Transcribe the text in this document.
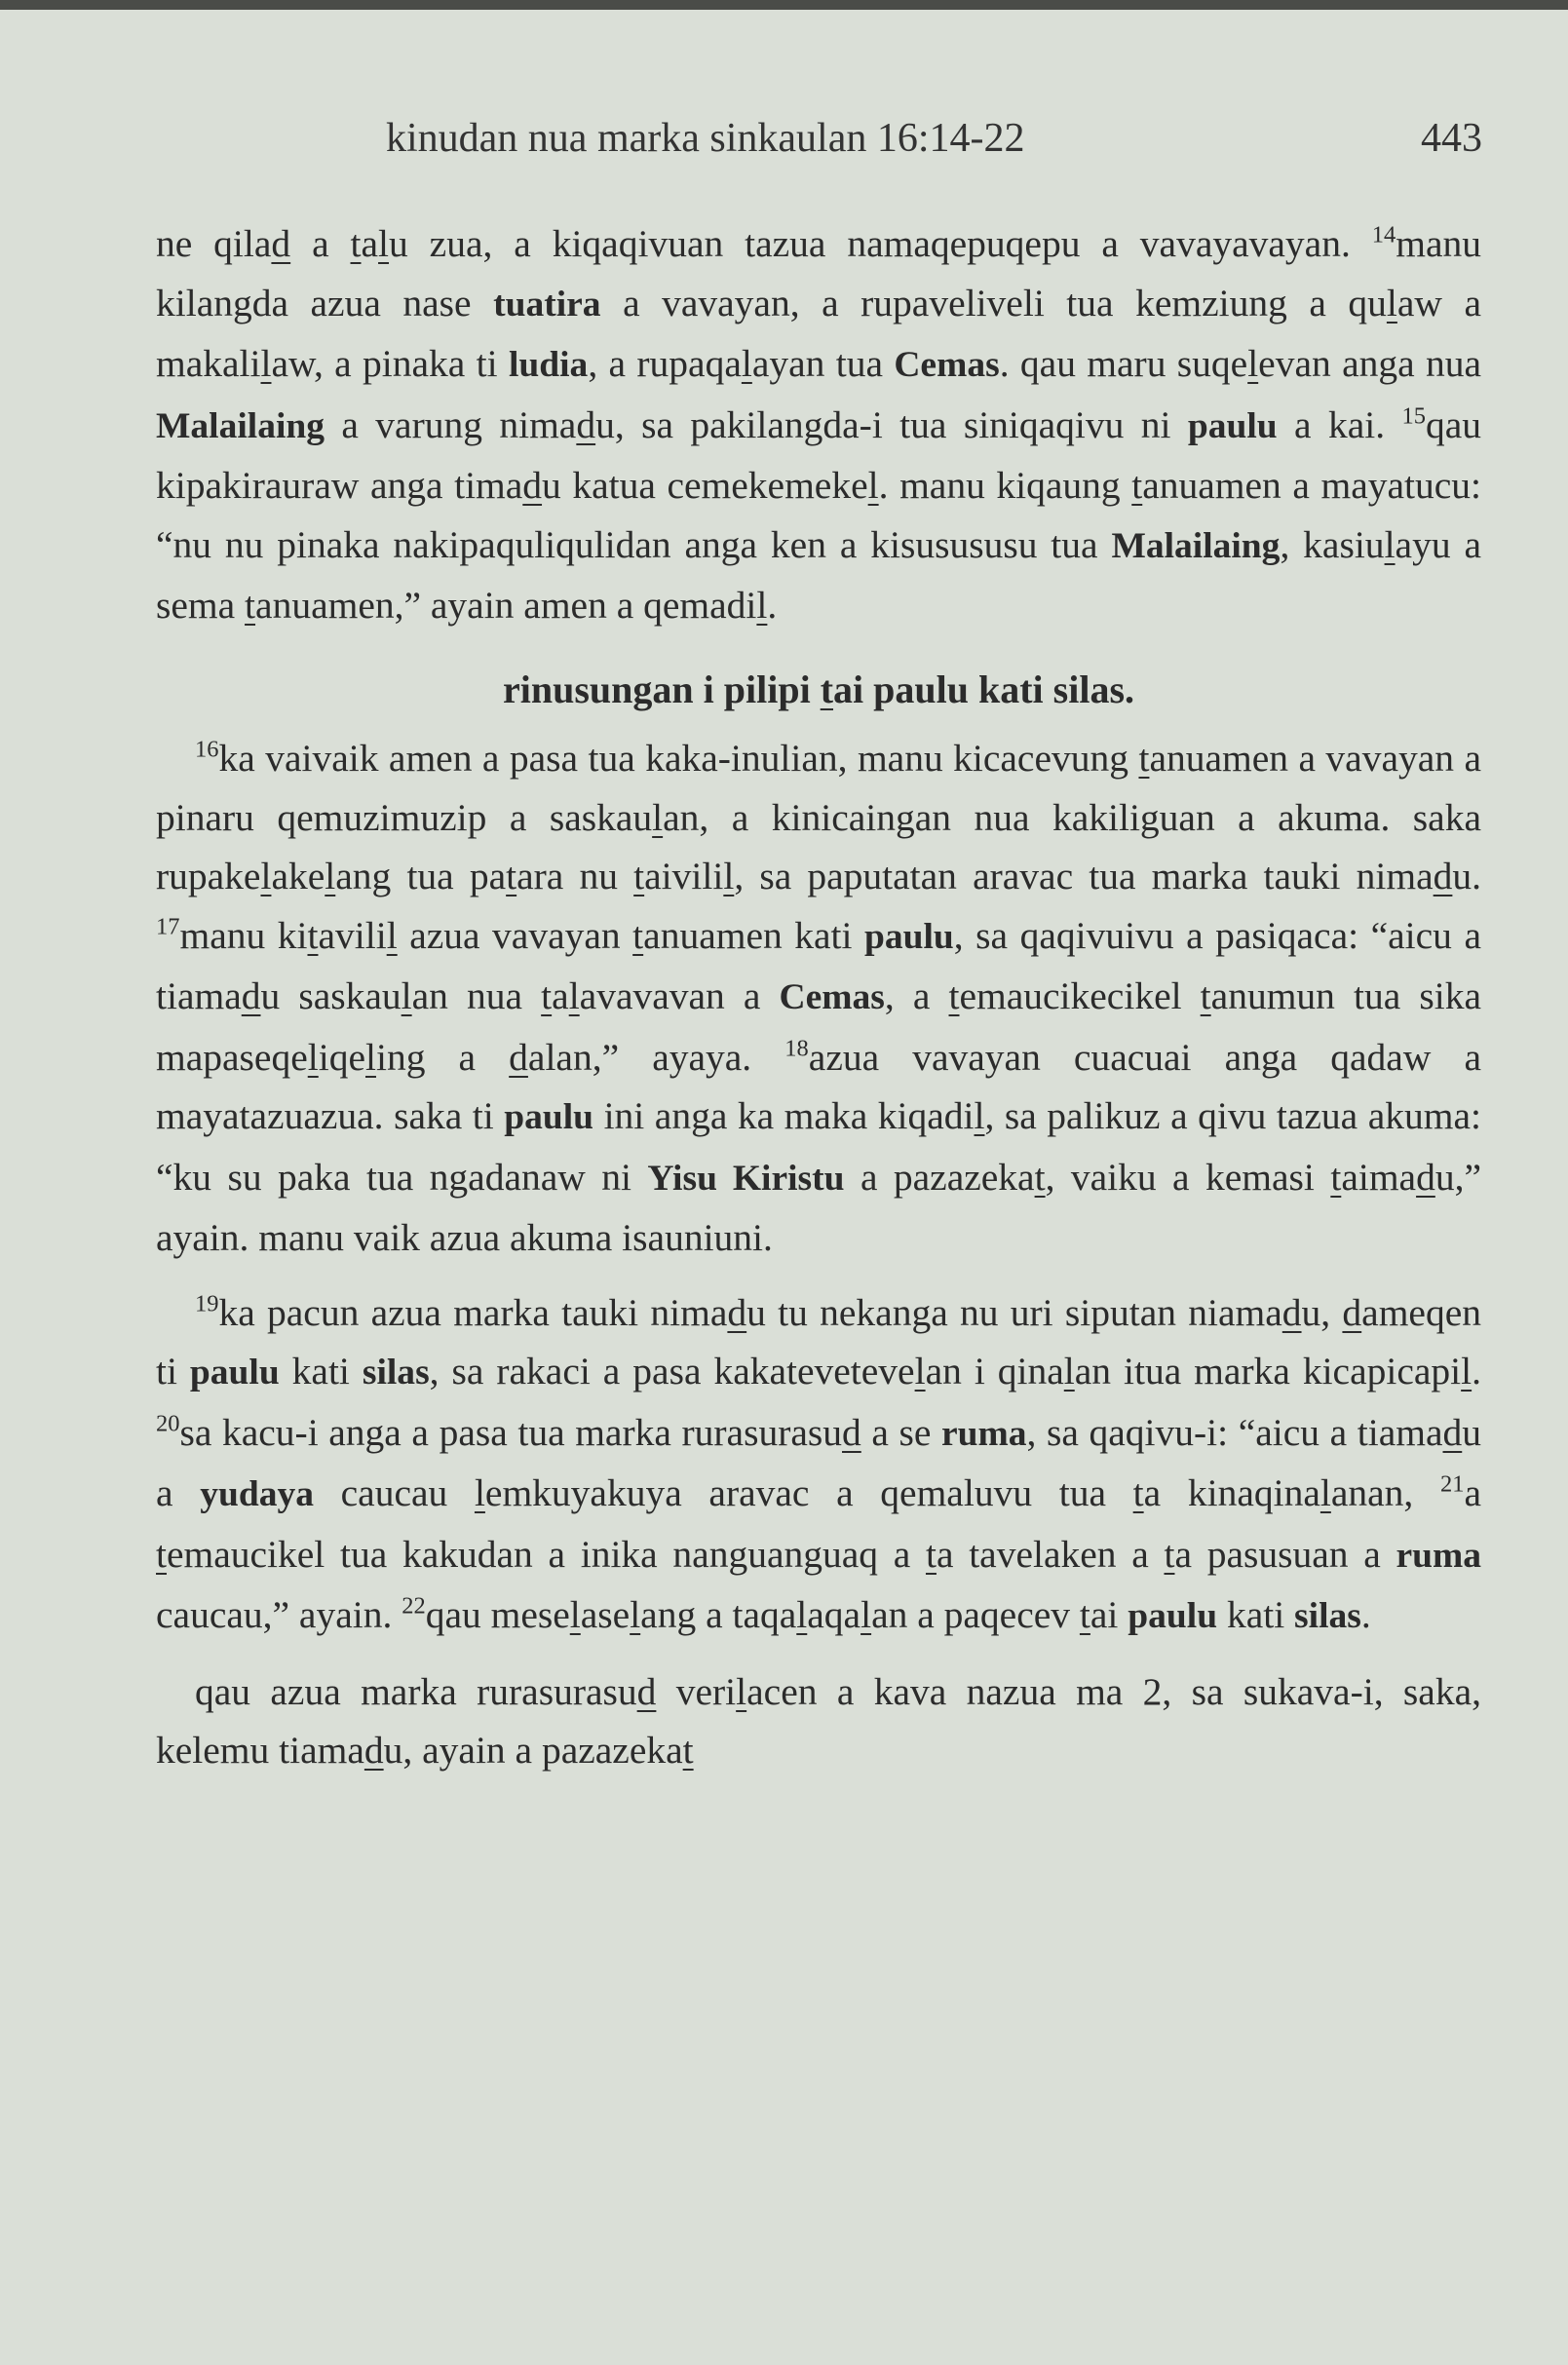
kinudan nua marka sinkaulan 16:14-22	443

ne qilad a talu zua, a kiqaqivuan tazua namaqepuqepu a vavayavayan. $^{14}$manu kilangda azua nase tuatira a vavayan, a rupaveliveli tua kemziung a qulaw a makalilaw, a pinaka ti ludia, a rupaqalayan tua Cemas. qau maru suqelevan anga nua Malailaing a varung nimadu, sa pakilangda-i tua siniqaqivu ni paulu a kai. $^{15}$qau kipakirauraw anga timadu katua cemekemekel. manu kiqaung tanuamen a mayatucu: “nu nu pinaka nakipaquliqulidan anga ken a kisusususu tua Malailaing, kasiulayu a sema tanuamen,” ayain amen a qemadil.

rinusungan i pilipi tai paulu kati silas.

$^{16}$ka vaivaik amen a pasa tua kaka-inulian, manu kicacevung tanuamen a vavayan a pinaru qemuzimuzip a saskaulan, a kinicaingan nua kakiliguan a akuma. saka rupakelakelang tua patara nu taivilil, sa paputatan aravac tua marka tauki nimadu. $^{17}$manu kitavilil azua vavayan tanuamen kati paulu, sa qaqivuivu a pasiqaca: “aicu a tiamadu saskaulan nua talavavavan a Cemas, a temaucikecikel tanumun tua sika mapaseqeliqeling a dalan,” ayaya. $^{18}$azua vavayan cuacuai anga qadaw a mayatazuazua. saka ti paulu ini anga ka maka kiqadil, sa palikuz a qivu tazua akuma: “ku su paka tua ngadanaw ni Yisu Kiristu a pazazekat, vaiku a kemasi taimadu,” ayain. manu vaik azua akuma isauniuni.

$^{19}$ka pacun azua marka tauki nimadu tu nekanga nu uri siputan niamadu, dameqen ti paulu kati silas, sa rakaci a pasa kakatevetevelan i qinalan itua marka kicapicapil. $^{20}$sa kacu-i anga a pasa tua marka rurasurasud a se ruma, sa qaqivu-i: “aicu a tiamadu a yudaya caucau lemkuyakuya aravac a qemaluvu tua ta kinaqinalanan, $^{21}$a temaucikel tua kakudan a inika nanguanguaq a ta tavelaken a ta pasusuan a ruma caucau,” ayain. $^{22}$qau meselaselang a taqalaqalan a paqecev tai paulu kati silas.

qau azua marka rurasurasud verilacen a kava nazua ma 2, sa sukava-i, saka, kelemu tiamadu, ayain a pazazekat
